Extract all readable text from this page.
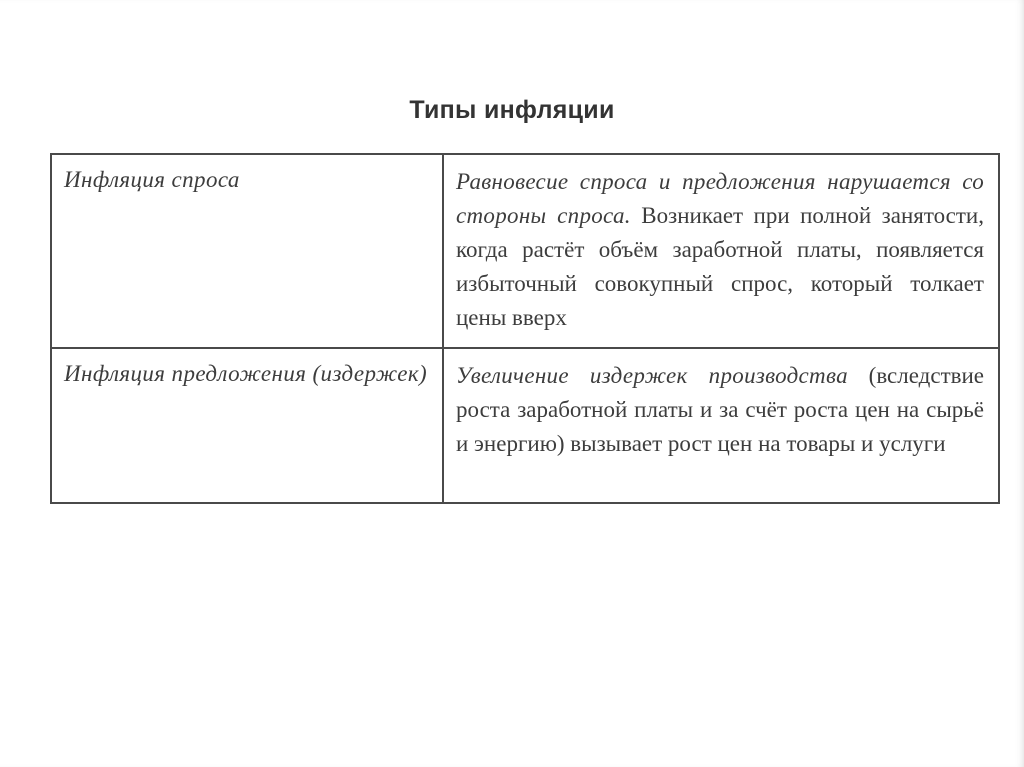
Типы инфляции
Инфляция спроса	Равновесие спроса и предложения нарушается со стороны спроса. Возникает при полной занятости, когда растёт объём заработной платы, появляется избыточный совокупный спрос, который толкает цены вверх
Инфляция предложения (издержек)	Увеличение издержек производства (вследствие роста заработной платы и за счёт роста цен на сырьё и энергию) вызывает рост цен на товары и услуги
